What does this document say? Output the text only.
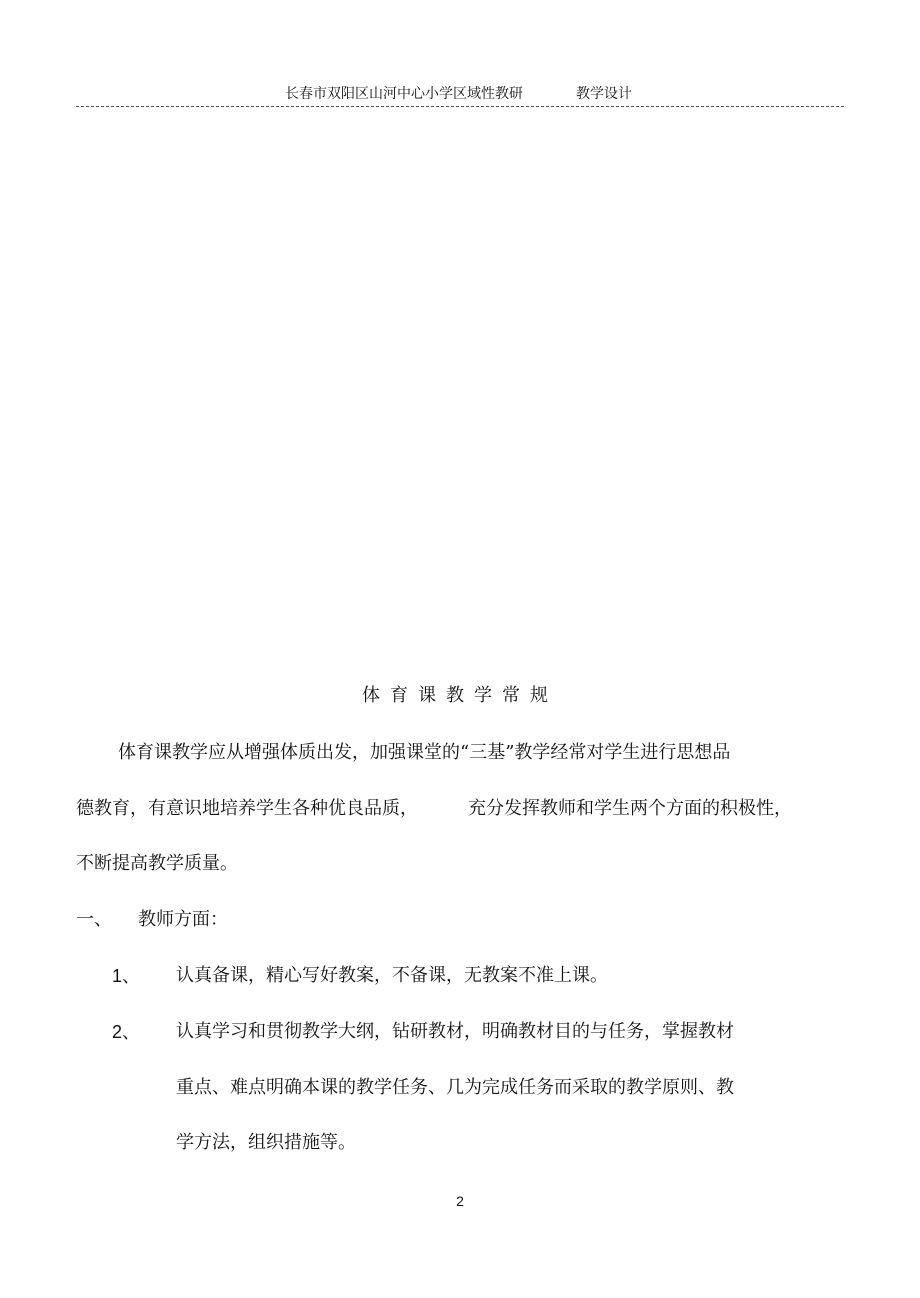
长春市双阳区山河中心小学区域性教研	教学设计
体育课教学常规
体育课教学应从增强体质出发，加强课堂的“三基”教学经常对学生进行思想品
德教育，有意识地培养学生各种优良品质，	充分发挥教师和学生两个方面的积极性，
不断提高教学质量。
一、 教师方面：
1、 认真备课，精心写好教案，不备课，无教案不准上课。
2、 认真学习和贯彻教学大纲，钻研教材，明确教材目的与任务，掌握教材
重点、难点明确本课的教学任务、几为完成任务而采取的教学原则、教
学方法，组织措施等。
2
